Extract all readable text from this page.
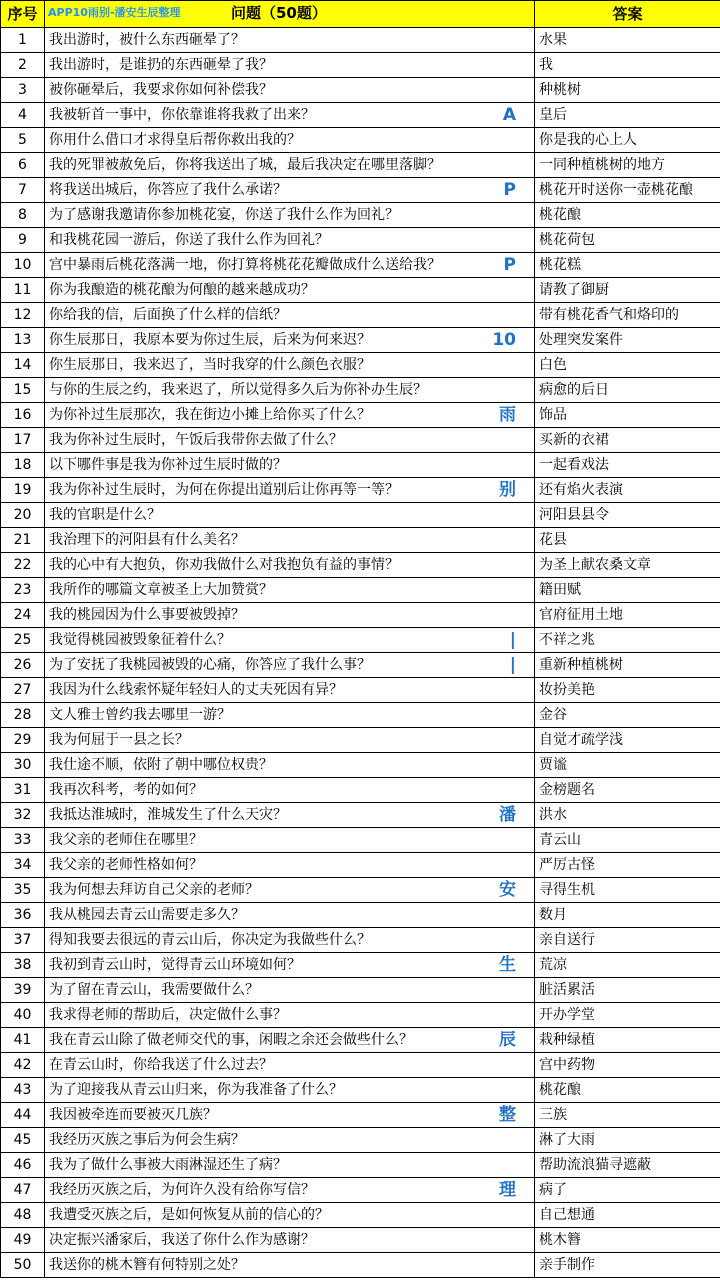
序号	APP10雨别-潘安生辰整理 问题（50题）	答案
1	我出游时，被什么东西砸晕了？	水果
2	我出游时，是谁扔的东西砸晕了我？	我
3	被你砸晕后，我要求你如何补偿我？	种桃树
4	我被斩首一事中，你依靠谁将我救了出来？ A	皇后
5	你用什么借口才求得皇后帮你救出我的？	你是我的心上人
6	我的死罪被赦免后，你将我送出了城，最后我决定在哪里落脚？	一同种植桃树的地方
7	将我送出城后，你答应了我什么承诺？ P	桃花开时送你一壶桃花酿
8	为了感谢我邀请你参加桃花宴，你送了我什么作为回礼？	桃花酿
9	和我桃花园一游后，你送了我什么作为回礼？	桃花荷包
10	宫中暴雨后桃花落满一地，你打算将桃花花瓣做成什么送给我？ P	桃花糕
11	你为我酿造的桃花酿为何酿的越来越成功？	请教了御厨
12	你给我的信，后面换了什么样的信纸？	带有桃花香气和烙印的
13	你生辰那日，我原本要为你过生辰，后来为何来迟？ 10	处理突发案件
14	你生辰那日，我来迟了，当时我穿的什么颜色衣服？	白色
15	与你的生辰之约，我来迟了，所以觉得多久后为你补办生辰？	病愈的后日
16	为你补过生辰那次，我在街边小摊上给你买了什么？ 雨	饰品
17	我为你补过生辰时，午饭后我带你去做了什么？	买新的衣裙
18	以下哪件事是我为你补过生辰时做的？	一起看戏法
19	我为你补过生辰时，为何在你提出道别后让你再等一等？ 别	还有焰火表演
20	我的官职是什么？	河阳县县令
21	我治理下的河阳县有什么美名？	花县
22	我的心中有大抱负，你劝我做什么对我抱负有益的事情？	为圣上献农桑文章
23	我所作的哪篇文章被圣上大加赞赏？	籍田赋
24	我的桃园因为什么事要被毁掉？	官府征用土地
25	我觉得桃园被毁象征着什么？ |	不祥之兆
26	为了安抚了我桃园被毁的心痛，你答应了我什么事？ |	重新种植桃树
27	我因为什么线索怀疑年轻妇人的丈夫死因有异？	妆扮美艳
28	文人雅士曾约我去哪里一游？	金谷
29	我为何屈于一县之长？	自觉才疏学浅
30	我仕途不顺，依附了朝中哪位权贵？	贾谧
31	我再次科考，考的如何？	金榜题名
32	我抵达淮城时，淮城发生了什么天灾？ 潘	洪水
33	我父亲的老师住在哪里？	青云山
34	我父亲的老师性格如何？	严厉古怪
35	我为何想去拜访自己父亲的老师？ 安	寻得生机
36	我从桃园去青云山需要走多久？	数月
37	得知我要去很远的青云山后，你决定为我做些什么？	亲自送行
38	我初到青云山时，觉得青云山环境如何？ 生	荒凉
39	为了留在青云山，我需要做什么？	脏活累活
40	我求得老师的帮助后，决定做什么事？	开办学堂
41	我在青云山除了做老师交代的事，闲暇之余还会做些什么？ 辰	栽种绿植
42	在青云山时，你给我送了什么过去？	宫中药物
43	为了迎接我从青云山归来，你为我准备了什么？	桃花酿
44	我因被牵连而要被灭几族？ 整	三族
45	我经历灭族之事后为何会生病？	淋了大雨
46	我为了做什么事被大雨淋湿还生了病？	帮助流浪猫寻遮蔽
47	我经历灭族之后，为何许久没有给你写信？ 理	病了
48	我遭受灭族之后，是如何恢复从前的信心的？	自己想通
49	决定振兴潘家后，我送了你什么作为感谢？	桃木簪
50	我送你的桃木簪有何特别之处？	亲手制作
